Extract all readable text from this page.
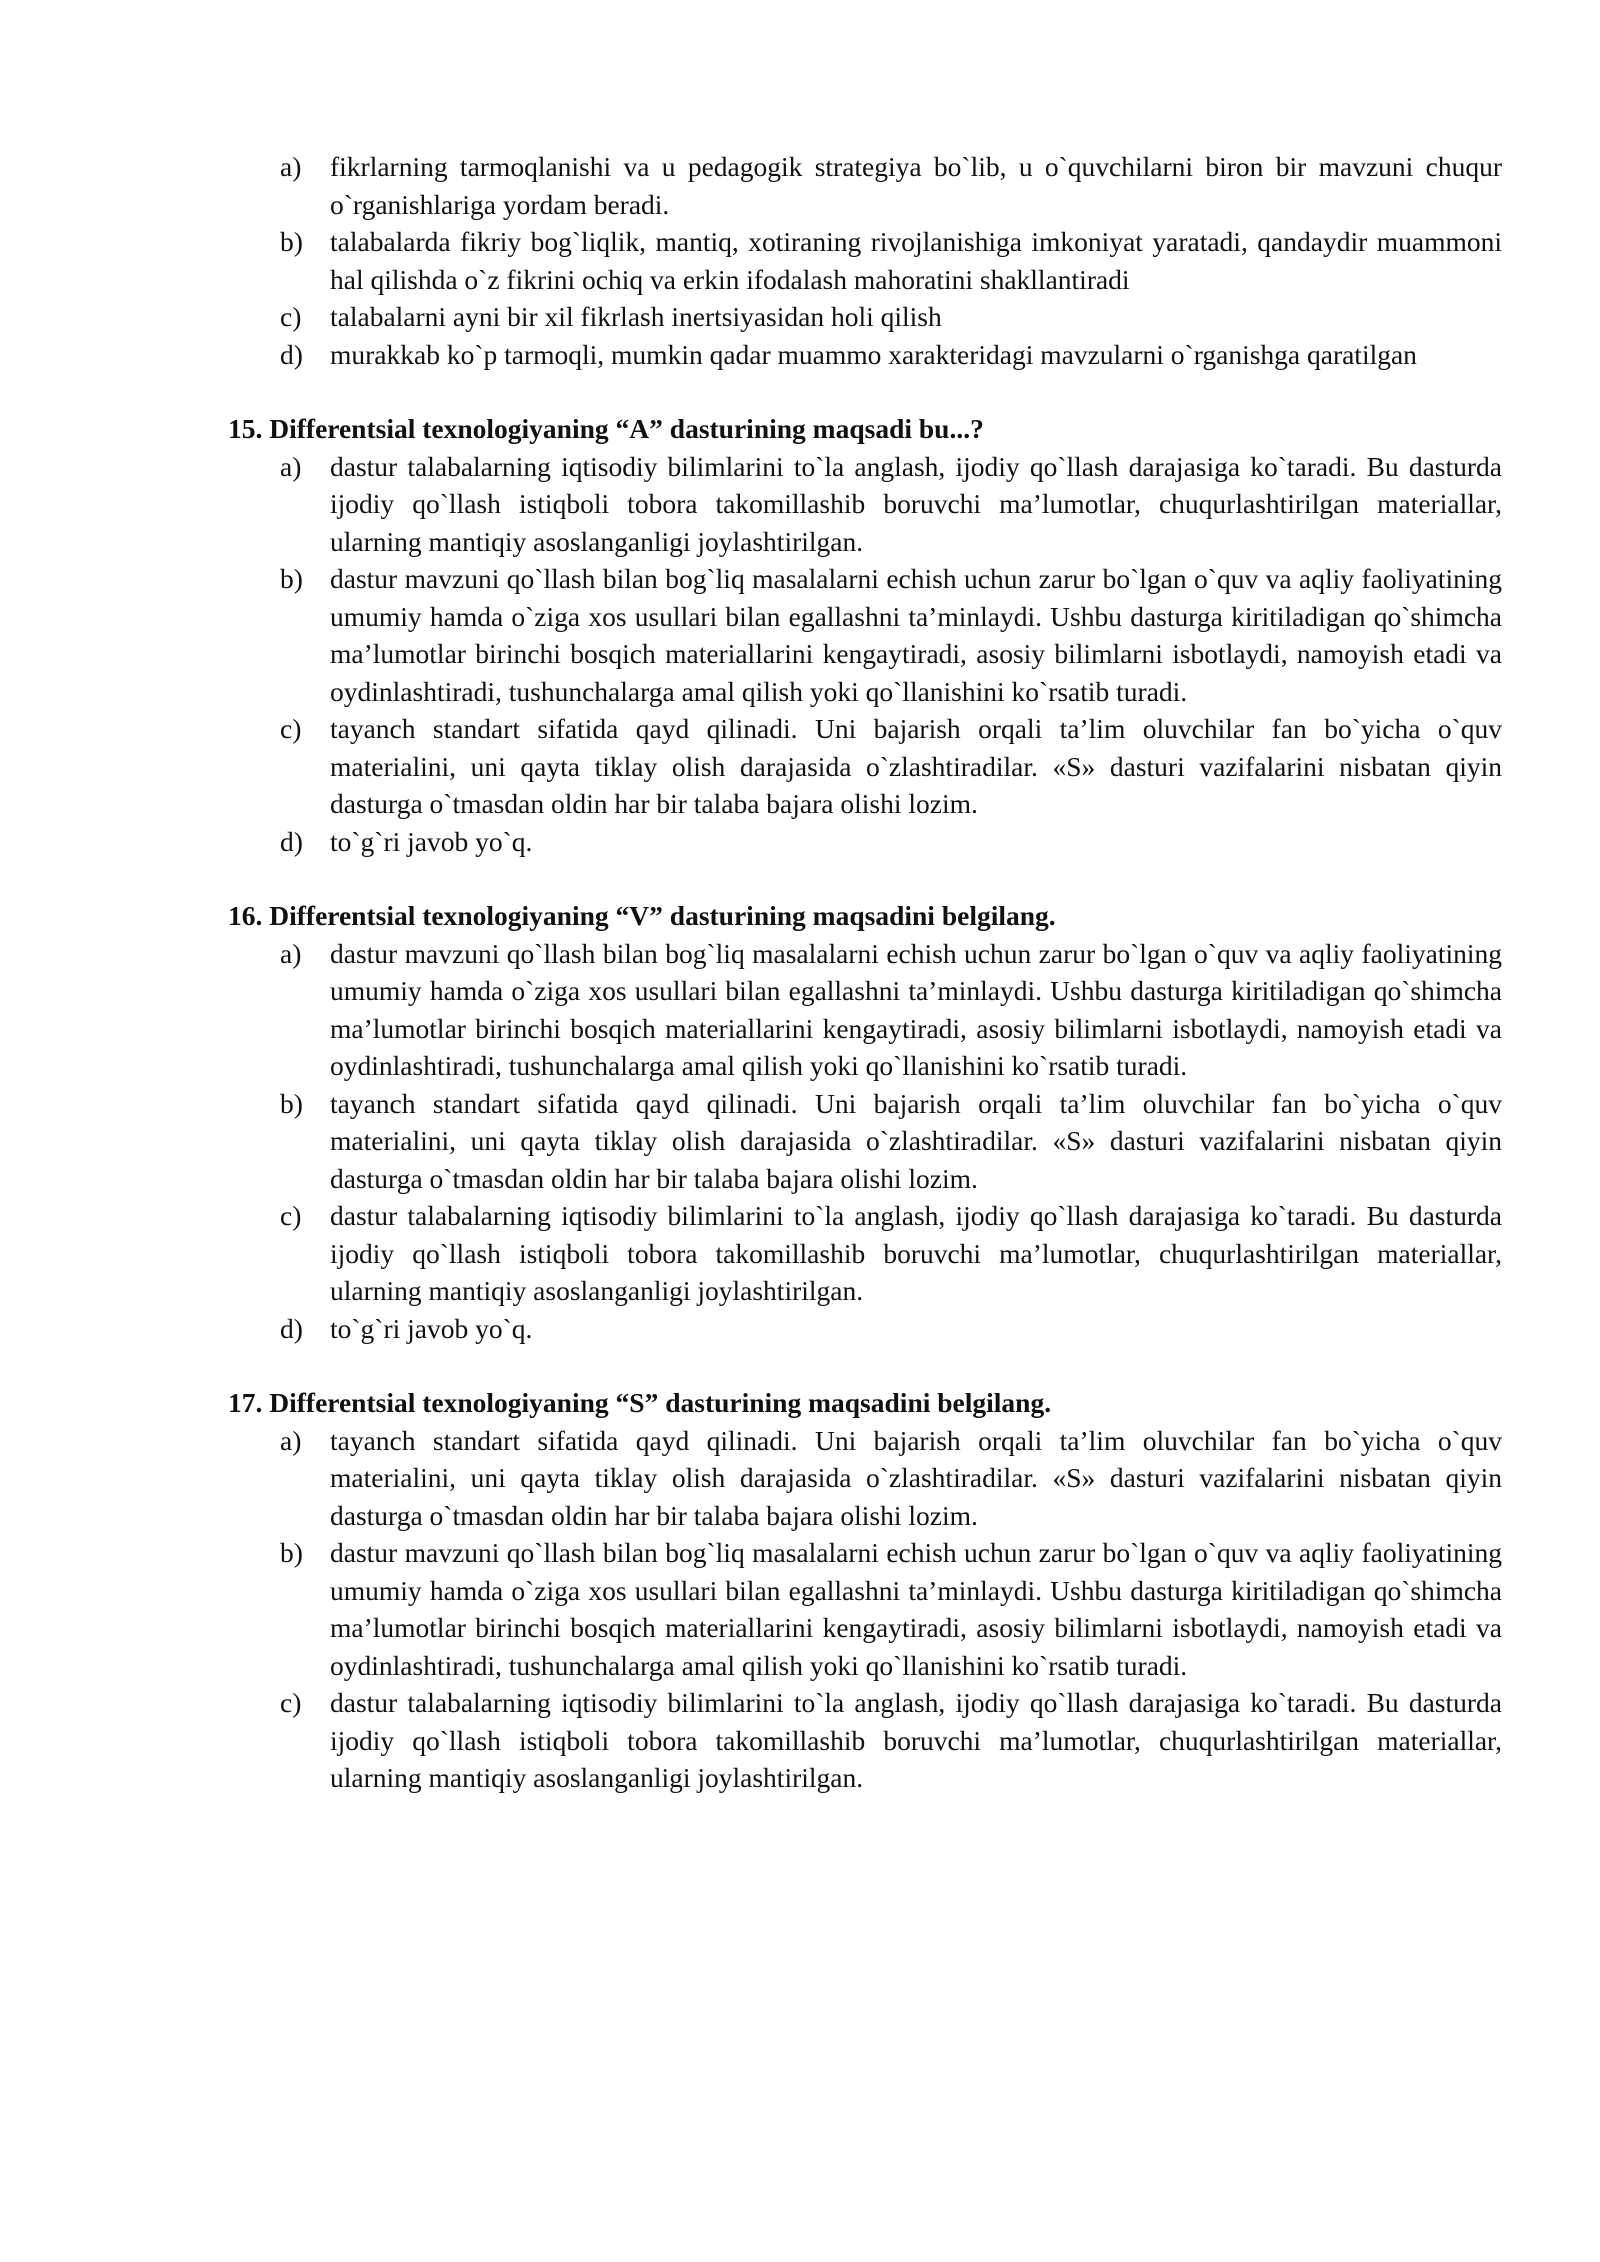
a) fikrlarning tarmoqlanishi va u pedagogik strategiya bo`lib, u o`quvchilarni biron bir mavzuni chuqur o`rganishlariga yordam beradi.
b) talabalarda fikriy bog`liqlik, mantiq, xotiraning rivojlanishiga imkoniyat yaratadi, qandaydir muammoni hal qilishda o`z fikrini ochiq va erkin ifodalash mahoratini shakllantiradi
c) talabalarni ayni bir xil fikrlash inertsiyasidan holi qilish
d) murakkab ko`p tarmoqli, mumkin qadar muammo xarakteridagi mavzularni o`rganishga qaratilgan
15. Differentsial texnologiyaning “A” dasturining maqsadi bu...?
a) dastur talabalarning iqtisodiy bilimlarini to`la anglash, ijodiy qo`llash darajasiga ko`taradi. Bu dasturda ijodiy qo`llash istiqboli tobora takomillashib boruvchi ma’lumotlar, chuqurlashtirilgan materiallar, ularning mantiqiy asoslanganligi joylashtirilgan.
b) dastur mavzuni qo`llash bilan bog`liq masalalarni echish uchun zarur bo`lgan o`quv va aqliy faoliyatining umumiy hamda o`ziga xos usullari bilan egallashni ta’minlaydi. Ushbu dasturga kiritiladigan qo`shimcha ma’lumotlar birinchi bosqich materiallarini kengaytiradi, asosiy bilimlarni isbotlaydi, namoyish etadi va oydinlashtiradi, tushunchalarga amal qilish yoki qo`llanishini ko`rsatib turadi.
c) tayanch standart sifatida qayd qilinadi. Uni bajarish orqali ta’lim oluvchilar fan bo`yicha o`quv materialini, uni qayta tiklay olish darajasida o`zlashtiradilar. «S» dasturi vazifalarini nisbatan qiyin dasturga o`tmasdan oldin har bir talaba bajara olishi lozim.
d) to`g`ri javob yo`q.
16. Differentsial texnologiyaning “V” dasturining maqsadini belgilang.
a) dastur mavzuni qo`llash bilan bog`liq masalalarni echish uchun zarur bo`lgan o`quv va aqliy faoliyatining umumiy hamda o`ziga xos usullari bilan egallashni ta’minlaydi. Ushbu dasturga kiritiladigan qo`shimcha ma’lumotlar birinchi bosqich materiallarini kengaytiradi, asosiy bilimlarni isbotlaydi, namoyish etadi va oydinlashtiradi, tushunchalarga amal qilish yoki qo`llanishini ko`rsatib turadi.
b) tayanch standart sifatida qayd qilinadi. Uni bajarish orqali ta’lim oluvchilar fan bo`yicha o`quv materialini, uni qayta tiklay olish darajasida o`zlashtiradilar. «S» dasturi vazifalarini nisbatan qiyin dasturga o`tmasdan oldin har bir talaba bajara olishi lozim.
c) dastur talabalarning iqtisodiy bilimlarini to`la anglash, ijodiy qo`llash darajasiga ko`taradi. Bu dasturda ijodiy qo`llash istiqboli tobora takomillashib boruvchi ma’lumotlar, chuqurlashtirilgan materiallar, ularning mantiqiy asoslanganligi joylashtirilgan.
d) to`g`ri javob yo`q.
17. Differentsial texnologiyaning “S” dasturining maqsadini belgilang.
a) tayanch standart sifatida qayd qilinadi. Uni bajarish orqali ta’lim oluvchilar fan bo`yicha o`quv materialini, uni qayta tiklay olish darajasida o`zlashtiradilar. «S» dasturi vazifalarini nisbatan qiyin dasturga o`tmasdan oldin har bir talaba bajara olishi lozim.
b) dastur mavzuni qo`llash bilan bog`liq masalalarni echish uchun zarur bo`lgan o`quv va aqliy faoliyatining umumiy hamda o`ziga xos usullari bilan egallashni ta’minlaydi. Ushbu dasturga kiritiladigan qo`shimcha ma’lumotlar birinchi bosqich materiallarini kengaytiradi, asosiy bilimlarni isbotlaydi, namoyish etadi va oydinlashtiradi, tushunchalarga amal qilish yoki qo`llanishini ko`rsatib turadi.
c) dastur talabalarning iqtisodiy bilimlarini to`la anglash, ijodiy qo`llash darajasiga ko`taradi. Bu dasturda ijodiy qo`llash istiqboli tobora takomillashib boruvchi ma’lumotlar, chuqurlashtirilgan materiallar, ularning mantiqiy asoslanganligi joylashtirilgan.
